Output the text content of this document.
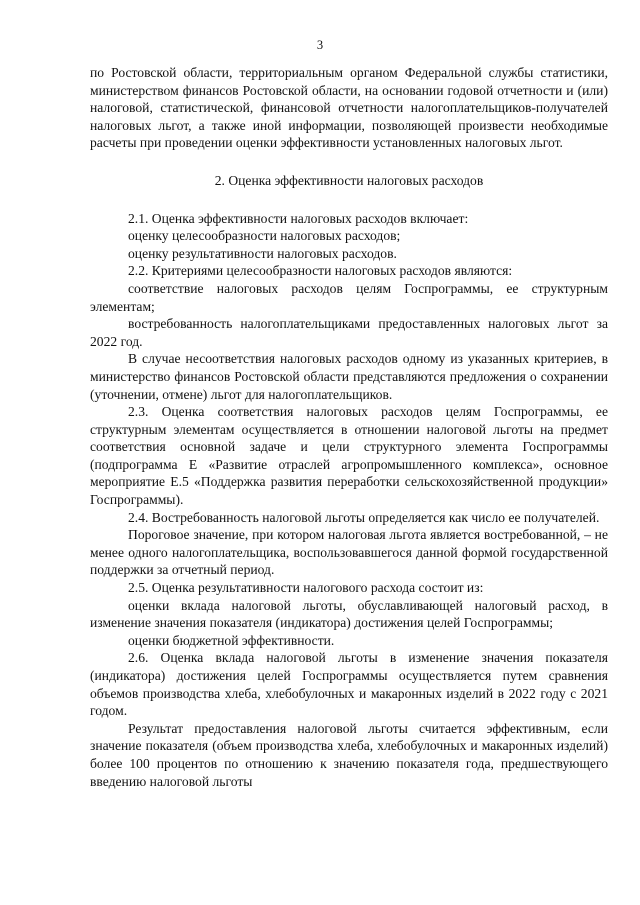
3

по Ростовской области, территориальным органом Федеральной службы статистики, министерством финансов Ростовской области, на основании годовой отчетности и (или) налоговой, статистической, финансовой отчетности налогоплательщиков-получателей налоговых льгот, а также иной информации, позволяющей произвести необходимые расчеты при проведении оценки эффективности установленных налоговых льгот.

2. Оценка эффективности налоговых расходов

2.1. Оценка эффективности налоговых расходов включает:

оценку целесообразности налоговых расходов;

оценку результативности налоговых расходов.

2.2. Критериями целесообразности налоговых расходов являются:

соответствие налоговых расходов целям Госпрограммы, ее структурным элементам;

востребованность налогоплательщиками предоставленных налоговых льгот за 2022 год.

В случае несоответствия налоговых расходов одному из указанных критериев, в министерство финансов Ростовской области представляются предложения о сохранении (уточнении, отмене) льгот для налогоплательщиков.

2.3. Оценка соответствия налоговых расходов целям Госпрограммы, ее структурным элементам осуществляется в отношении налоговой льготы на предмет соответствия основной задаче и цели структурного элемента Госпрограммы (подпрограмма Е «Развитие отраслей агропромышленного комплекса», основное мероприятие Е.5 «Поддержка развития переработки сельскохозяйственной продукции» Госпрограммы).

2.4. Востребованность налоговой льготы определяется как число ее получателей.

Пороговое значение, при котором налоговая льгота является востребованной, – не менее одного налогоплательщика, воспользовавшегося данной формой государственной поддержки за отчетный период.

2.5. Оценка результативности налогового расхода состоит из:

оценки вклада налоговой льготы, обуславливающей налоговый расход, в изменение значения показателя (индикатора) достижения целей Госпрограммы;

оценки бюджетной эффективности.

2.6. Оценка вклада налоговой льготы в изменение значения показателя (индикатора) достижения целей Госпрограммы осуществляется путем сравнения объемов производства хлеба, хлебобулочных и макаронных изделий в 2022 году с 2021 годом.

Результат предоставления налоговой льготы считается эффективным, если значение показателя (объем производства хлеба, хлебобулочных и макаронных изделий) более 100 процентов по отношению к значению показателя года, предшествующего введению налоговой льготы
